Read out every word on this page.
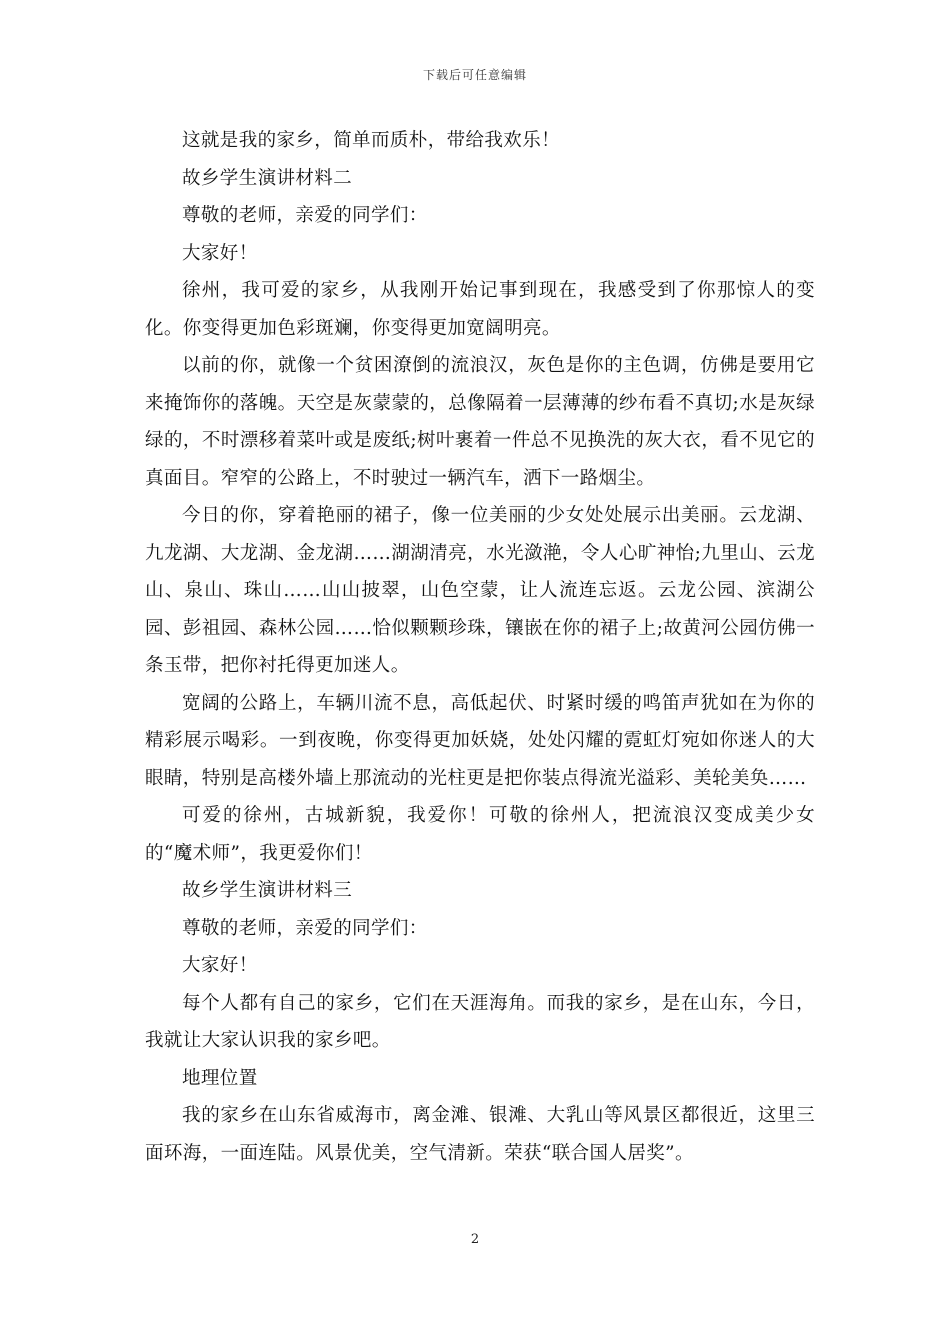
下载后可任意编辑

这就是我的家乡，简单而质朴，带给我欢乐！

故乡学生演讲材料二

尊敬的老师，亲爱的同学们：

大家好！

徐州，我可爱的家乡，从我刚开始记事到现在，我感受到了你那惊人的变化。你变得更加色彩斑斓，你变得更加宽阔明亮。

以前的你，就像一个贫困潦倒的流浪汉，灰色是你的主色调，仿佛是要用它来掩饰你的落魄。天空是灰蒙蒙的，总像隔着一层薄薄的纱布看不真切;水是灰绿绿的，不时漂移着菜叶或是废纸;树叶裹着一件总不见换洗的灰大衣，看不见它的真面目。窄窄的公路上，不时驶过一辆汽车，洒下一路烟尘。

今日的你，穿着艳丽的裙子，像一位美丽的少女处处展示出美丽。云龙湖、九龙湖、大龙湖、金龙湖……湖湖清亮，水光潋滟，令人心旷神怡;九里山、云龙山、泉山、珠山……山山披翠，山色空蒙，让人流连忘返。云龙公园、滨湖公园、彭祖园、森林公园……恰似颗颗珍珠，镶嵌在你的裙子上;故黄河公园仿佛一条玉带，把你衬托得更加迷人。

宽阔的公路上，车辆川流不息，高低起伏、时紧时缓的鸣笛声犹如在为你的精彩展示喝彩。一到夜晚，你变得更加妖娆，处处闪耀的霓虹灯宛如你迷人的大眼睛，特别是高楼外墙上那流动的光柱更是把你装点得流光溢彩、美轮美奂……

可爱的徐州，古城新貌，我爱你！可敬的徐州人，把流浪汉变成美少女的“魔术师”，我更爱你们！

故乡学生演讲材料三

尊敬的老师，亲爱的同学们：

大家好！

每个人都有自己的家乡，它们在天涯海角。而我的家乡，是在山东，今日，我就让大家认识我的家乡吧。

地理位置

我的家乡在山东省威海市，离金滩、银滩、大乳山等风景区都很近，这里三面环海，一面连陆。风景优美，空气清新。荣获“联合国人居奖”。

2
